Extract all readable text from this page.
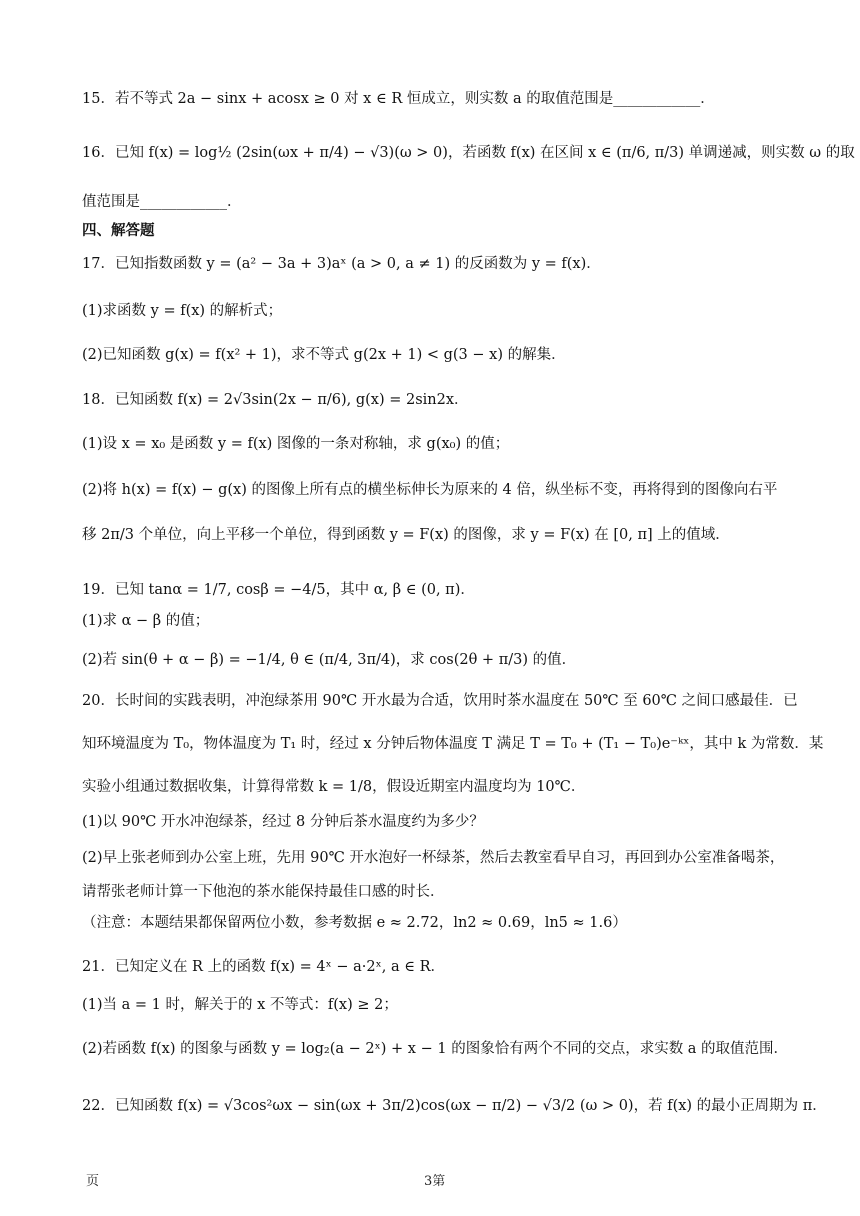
15．若不等式 2a − sinx + acosx ≥ 0 对 x ∈ R 恒成立，则实数 a 的取值范围是____________．
16．已知 f(x) = log½ (2sin(ωx + π/4) − √3)(ω > 0)，若函数 f(x) 在区间 x ∈ (π/6, π/3) 单调递减，则实数 ω 的取
值范围是____________．
四、解答题
17．已知指数函数 y = (a² − 3a + 3)aˣ (a > 0, a ≠ 1) 的反函数为 y = f(x)．
(1)求函数 y = f(x) 的解析式；
(2)已知函数 g(x) = f(x² + 1)，求不等式 g(2x + 1) < g(3 − x) 的解集．
18．已知函数 f(x) = 2√3sin(2x − π/6), g(x) = 2sin2x．
(1)设 x = x₀ 是函数 y = f(x) 图像的一条对称轴，求 g(x₀) 的值；
(2)将 h(x) = f(x) − g(x) 的图像上所有点的横坐标伸长为原来的 4 倍，纵坐标不变，再将得到的图像向右平
移 2π/3 个单位，向上平移一个单位，得到函数 y = F(x) 的图像，求 y = F(x) 在 [0, π] 上的值域．
19．已知 tanα = 1/7, cosβ = −4/5，其中 α, β ∈ (0, π)．
(1)求 α − β 的值；
(2)若 sin(θ + α − β) = −1/4, θ ∈ (π/4, 3π/4)，求 cos(2θ + π/3) 的值．
20．长时间的实践表明，冲泡绿茶用 90℃ 开水最为合适，饮用时茶水温度在 50℃ 至 60℃ 之间口感最佳．已
知环境温度为 T₀，物体温度为 T₁ 时，经过 x 分钟后物体温度 T 满足 T = T₀ + (T₁ − T₀)e⁻ᵏˣ，其中 k 为常数．某
实验小组通过数据收集，计算得常数 k = 1/8，假设近期室内温度均为 10℃．
(1)以 90℃ 开水冲泡绿茶，经过 8 分钟后茶水温度约为多少？
(2)早上张老师到办公室上班，先用 90℃ 开水泡好一杯绿茶，然后去教室看早自习，再回到办公室准备喝茶，
请帮张老师计算一下他泡的茶水能保持最佳口感的时长．
（注意：本题结果都保留两位小数，参考数据 e ≈ 2.72，ln2 ≈ 0.69，ln5 ≈ 1.6）
21．已知定义在 R 上的函数 f(x) = 4ˣ − a·2ˣ, a ∈ R．
(1)当 a = 1 时，解关于的 x 不等式：f(x) ≥ 2；
(2)若函数 f(x) 的图象与函数 y = log₂(a − 2ˣ) + x − 1 的图象恰有两个不同的交点，求实数 a 的取值范围．
22．已知函数 f(x) = √3cos²ωx − sin(ωx + 3π/2)cos(ωx − π/2) − √3/2 (ω > 0)，若 f(x) 的最小正周期为 π．
页	3第
